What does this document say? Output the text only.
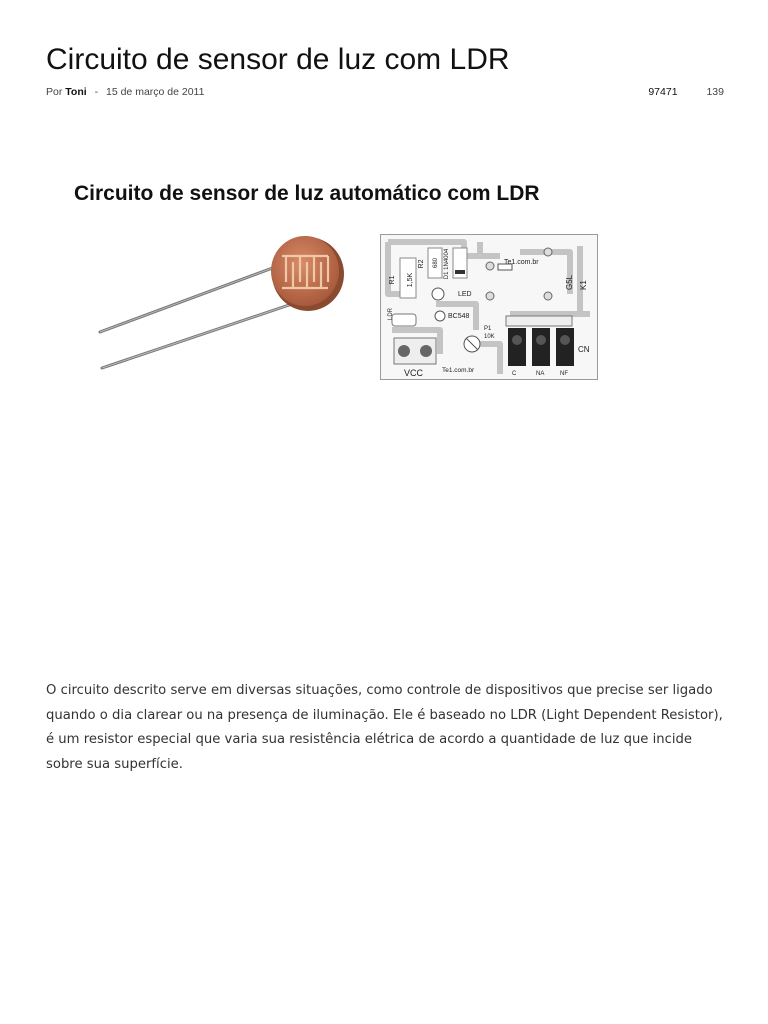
Circuito de sensor de luz com LDR
Por Toni - 15 de março de 2011	97471	139
Circuito de sensor de luz automático com LDR
1,5K
R1
680
R2	D1 1N4004
LED
LDR	BC548
P1
10K
Te1.com.br
G5L K1
1	2	3
CN
C	NA	NF
VCC	Te1.com.br

O circuito descrito serve em diversas situações, como controle de dispositivos que precise ser ligado quando o dia clarear ou na presença de iluminação. Ele é baseado no LDR (Light Dependent Resistor), é um resistor especial que varia sua resistência elétrica de acordo a quantidade de luz que incide sobre sua superfície.
